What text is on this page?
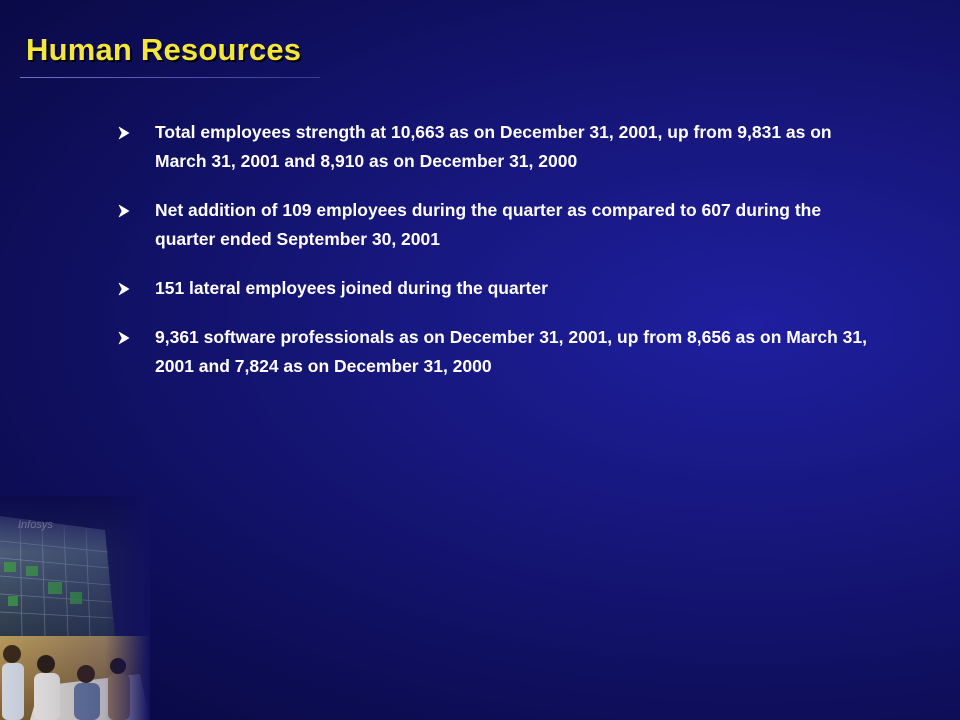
Human Resources
Total employees strength at 10,663 as on December 31, 2001, up from 9,831 as on March 31, 2001 and 8,910 as on December 31, 2000
Net addition of 109 employees during the quarter as compared to 607 during the quarter ended September 30, 2001
151 lateral employees joined during the quarter
9,361 software professionals as on December 31, 2001, up from 8,656 as on March 31, 2001 and 7,824 as on December 31, 2000
